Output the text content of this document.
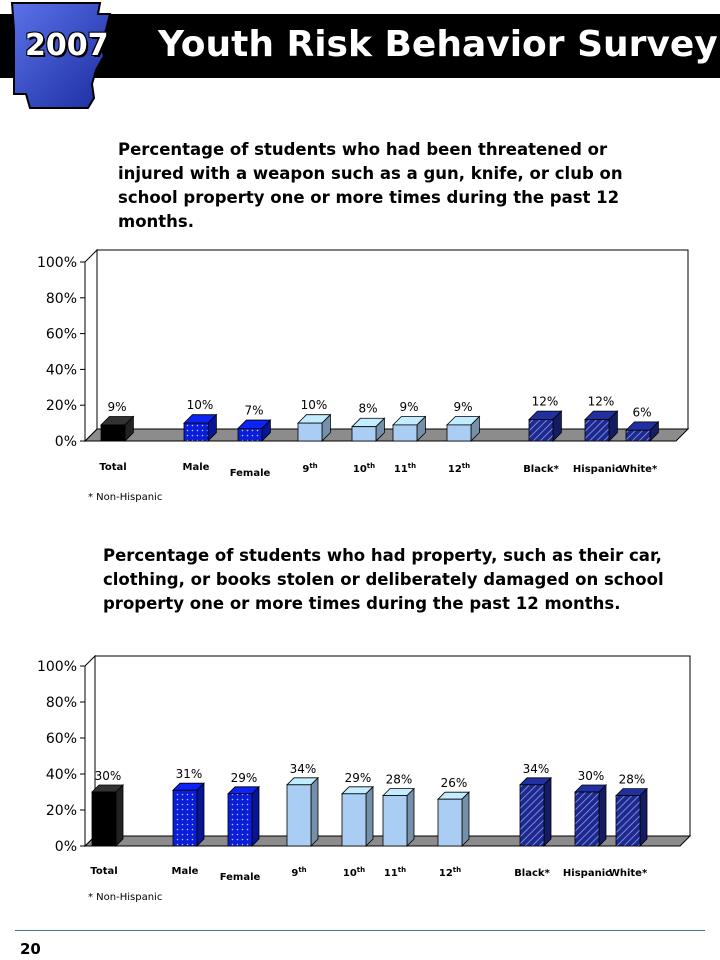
2007 Youth Risk Behavior Survey
Percentage of students who had been threatened or injured with a weapon such as a gun, knife, or club on school property one or more times during the past 12 months.
0%
20%
40%
60%
80%
100%
9%
Total
10%
Male
7%
Female
10%
9th
8%
10th
9%
11th
9%
12th
12%
Black*
12%
Hispanic
6%
White*
* Non-Hispanic
Percentage of students who had property, such as their car, clothing, or books stolen or deliberately damaged on school property one or more times during the past 12 months.
0%
20%
40%
60%
80%
100%
30%
Total
31%
Male
29%
Female
34%
9th
29%
10th
28%
11th
26%
12th
34%
Black*
30%
Hispanic
28%
White*
* Non-Hispanic
20
